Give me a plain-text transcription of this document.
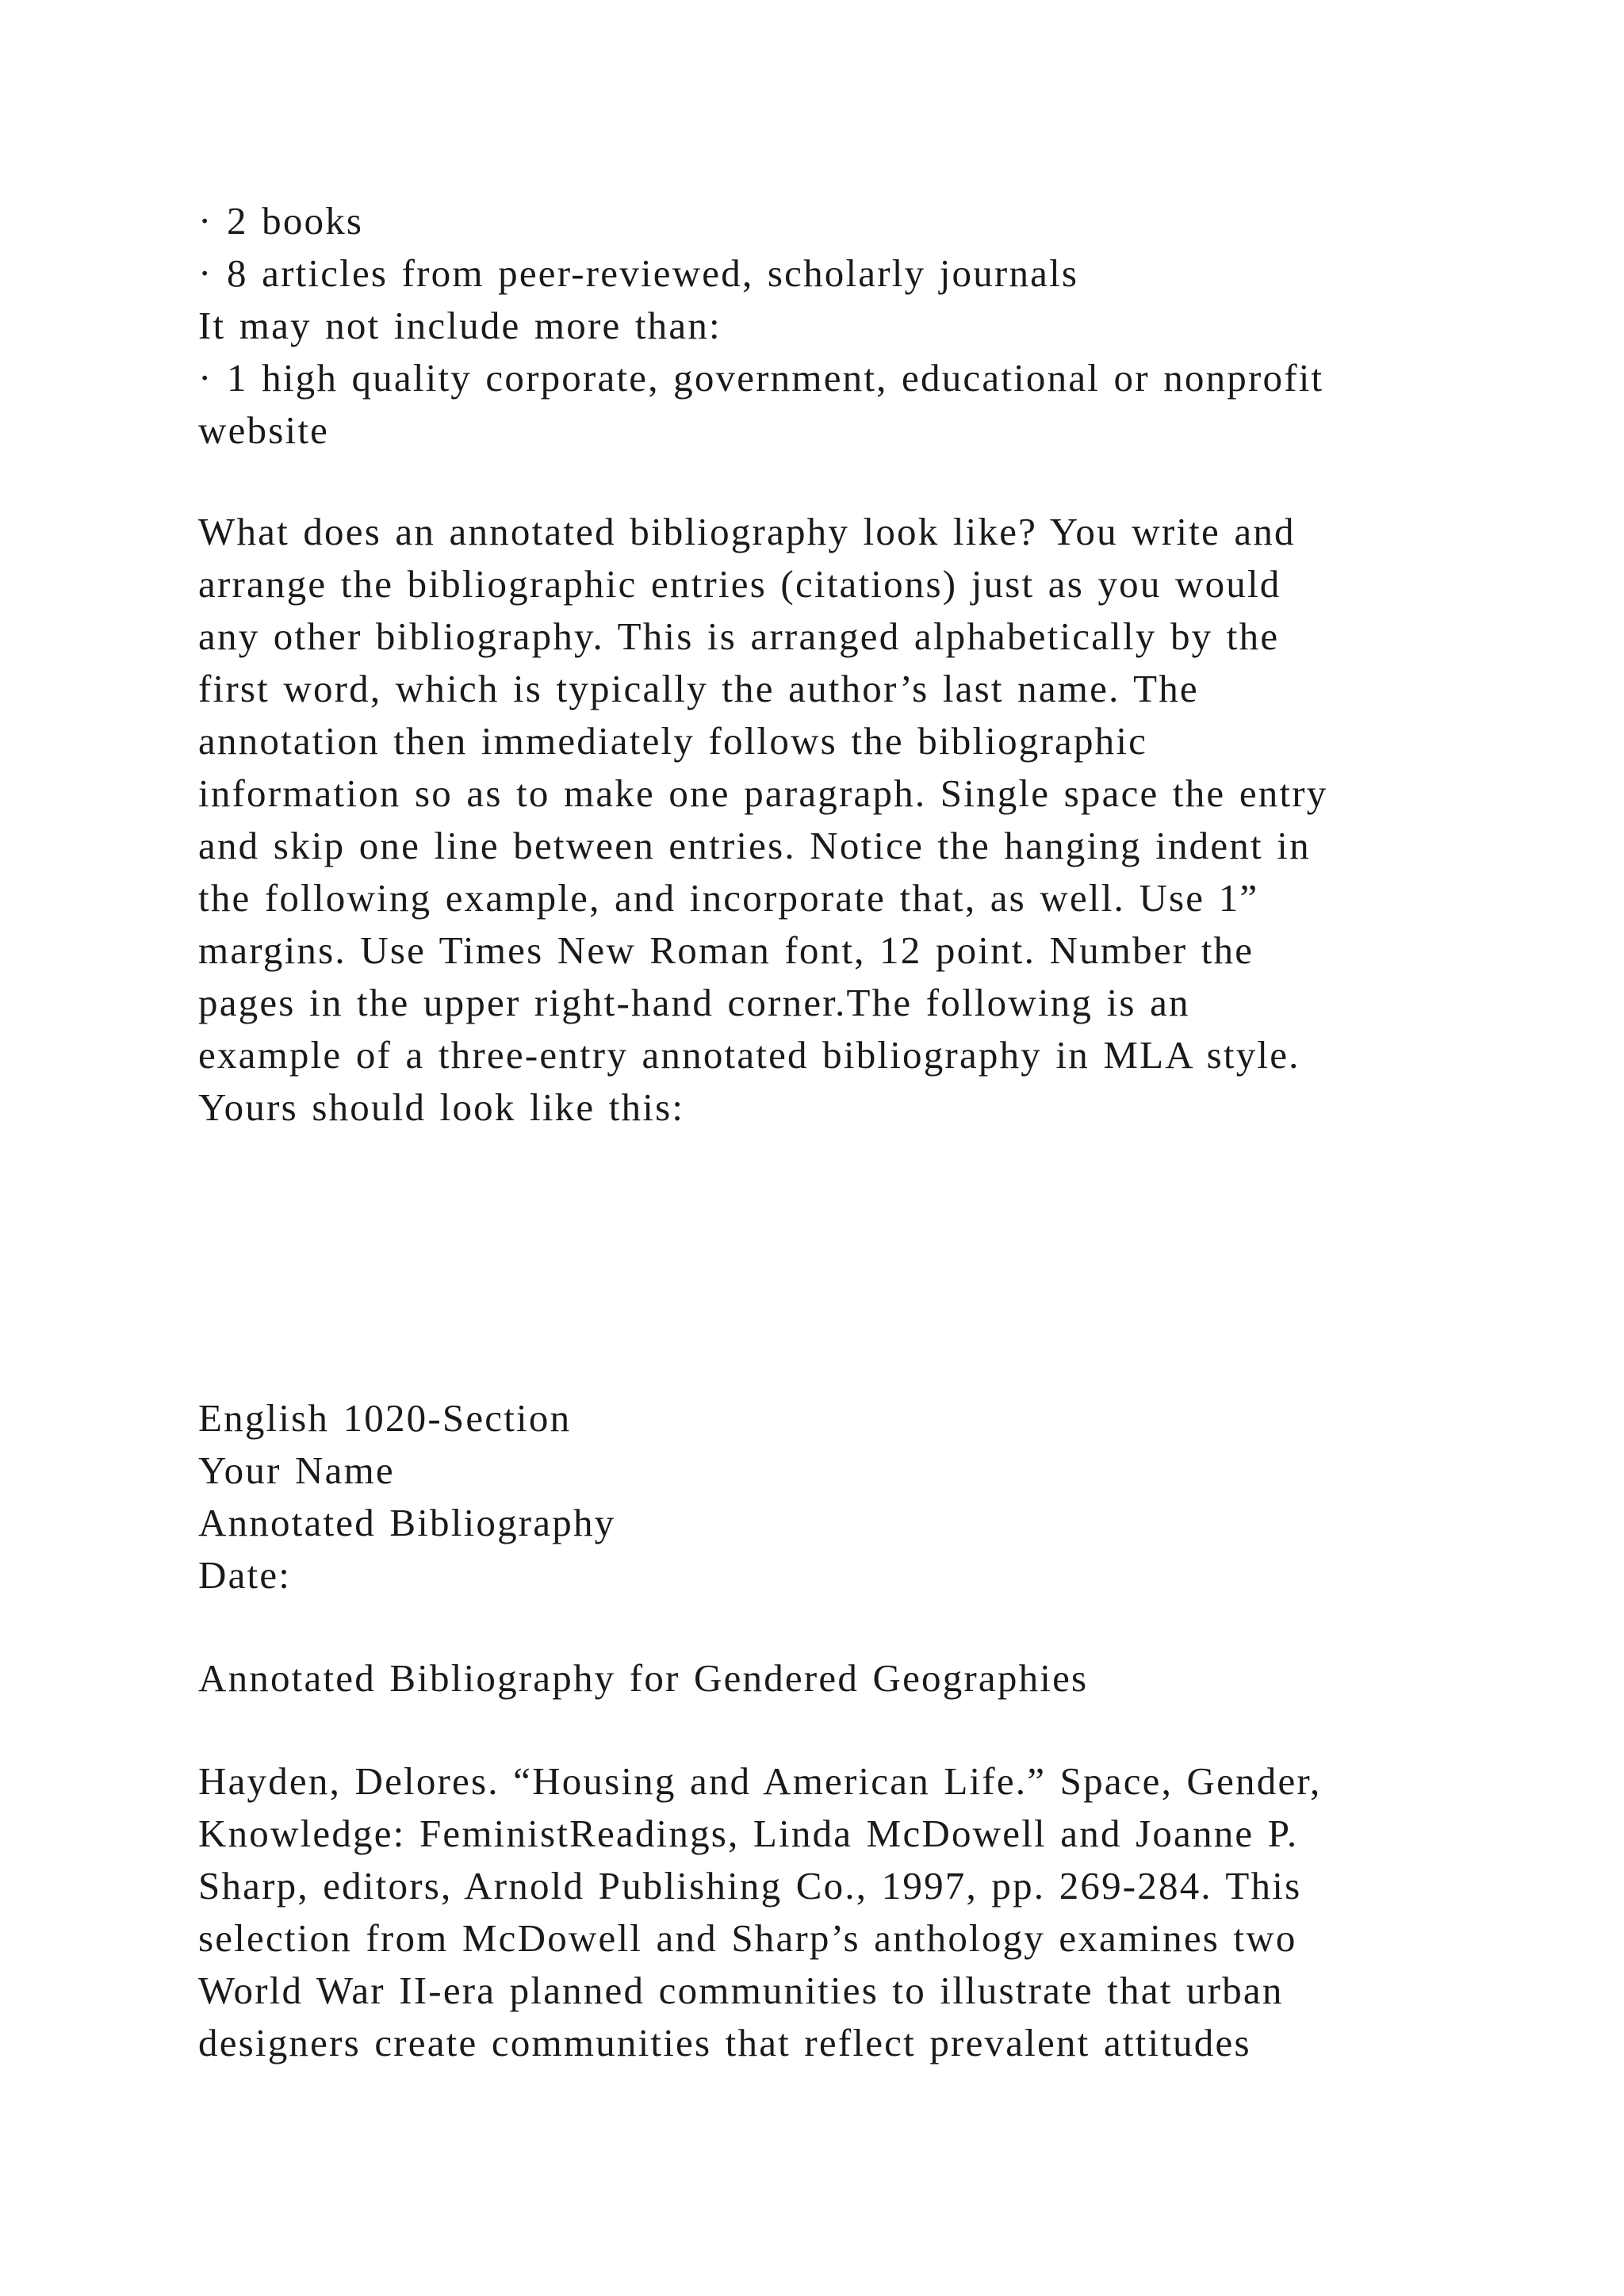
· 2 books
· 8 articles from peer-reviewed, scholarly journals
It may not include more than:
· 1 high quality corporate, government, educational or nonprofit
website
What does an annotated bibliography look like? You write and
arrange the bibliographic entries (citations) just as you would
any other bibliography. This is arranged alphabetically by the
first word, which is typically the author’s last name. The
annotation then immediately follows the bibliographic
information so as to make one paragraph. Single space the entry
and skip one line between entries. Notice the hanging indent in
the following example, and incorporate that, as well. Use 1”
margins. Use Times New Roman font, 12 point. Number the
pages in the upper right-hand corner.The following is an
example of a three-entry annotated bibliography in MLA style.
Yours should look like this:
English 1020-Section
Your Name
Annotated Bibliography
Date:
Annotated Bibliography for Gendered Geographies
Hayden, Delores. “Housing and American Life.” Space, Gender,
Knowledge: FeministReadings, Linda McDowell and Joanne P.
Sharp, editors, Arnold Publishing Co., 1997, pp. 269-284. This
selection from McDowell and Sharp’s anthology examines two
World War II-era planned communities to illustrate that urban
designers create communities that reflect prevalent attitudes
